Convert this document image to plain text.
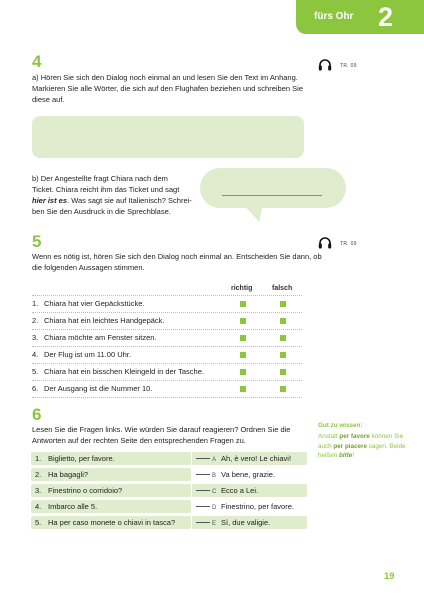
fürs Ohr 2
4	TR. 09
a) Hören Sie sich den Dialog noch einmal an und lesen Sie den Text im Anhang. Markieren Sie alle Wörter, die sich auf den Flughafen beziehen und schreiben Sie diese auf.
b) Der Angestellte fragt Chiara nach dem
Ticket. Chiara reicht ihm das Ticket und sagt
hier ist es. Was sagt sie auf Italienisch? Schrei-
ben Sie den Ausdruck in die Sprechblase.
5	TR. 09
Wenn es nötig ist, hören Sie sich den Dialog noch einmal an. Entscheiden Sie dann, ob die folgenden Aussagen stimmen.
richtig	falsch
1. Chiara hat vier Gepäckstücke.
2. Chiara hat ein leichtes Handgepäck.
3. Chiara möchte am Fenster sitzen.
4. Der Flug ist um 11.00 Uhr.
5. Chiara hat ein bisschen Kleingeld in der Tasche.
6. Der Ausgang ist die Nummer 10.
6
Lesen Sie die Fragen links. Wie würden Sie darauf reagieren? Ordnen Sie die Antworten auf der rechten Seite den entsprechenden Fragen zu.
1. Biglietto, per favore.	A Ah, è vero! Le chiavi!
2. Ha bagagli?	B Va bene, grazie.
3. Finestrino o corridoio?	C Ecco a Lei.
4. Imbarco alle 5.	D Finestrino, per favore.
5. Ha per caso monete o chiavi in tasca?	E Sì, due valigie.
Gut zu wissen:
Anstatt per favore können Sie auch per piacere sagen. Beide heißen bitte!
19
